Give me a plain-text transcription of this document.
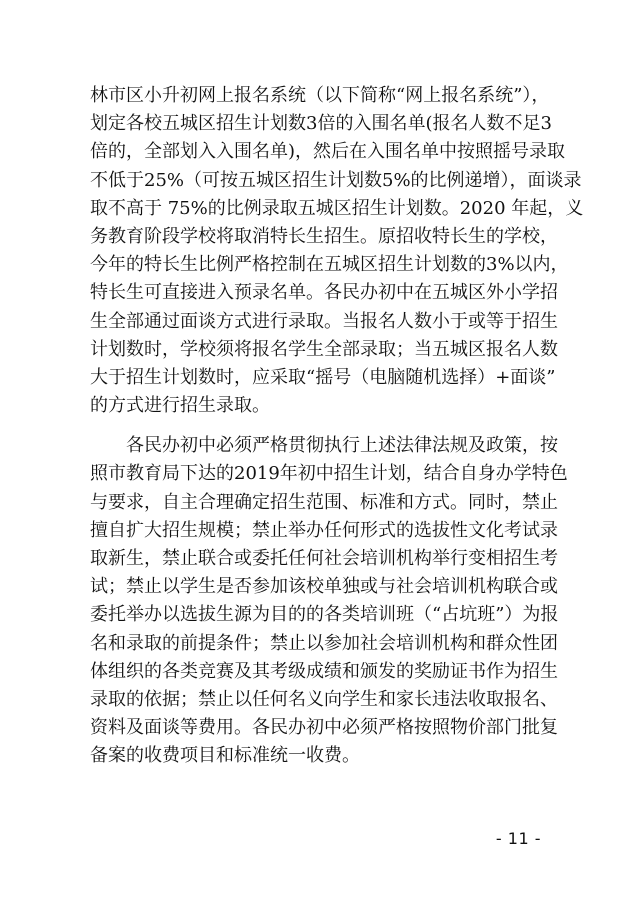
林市区小升初网上报名系统（以下简称“网上报名系统”），
划定各校五城区招生计划数3倍的入围名单(报名人数不足3
倍的，全部划入入围名单)，然后在入围名单中按照摇号录取
不低于25%（可按五城区招生计划数5%的比例递增），面谈录
取不高于 75%的比例录取五城区招生计划数。2020 年起，义
务教育阶段学校将取消特长生招生。原招收特长生的学校，
今年的特长生比例严格控制在五城区招生计划数的3%以内，
特长生可直接进入预录名单。各民办初中在五城区外小学招
生全部通过面谈方式进行录取。当报名人数小于或等于招生
计划数时，学校须将报名学生全部录取；当五城区报名人数
大于招生计划数时，应采取“摇号（电脑随机选择）+面谈”
的方式进行招生录取。
各民办初中必须严格贯彻执行上述法律法规及政策，按
照市教育局下达的2019年初中招生计划，结合自身办学特色
与要求，自主合理确定招生范围、标准和方式。同时，禁止
擅自扩大招生规模；禁止举办任何形式的选拔性文化考试录
取新生，禁止联合或委托任何社会培训机构举行变相招生考
试；禁止以学生是否参加该校单独或与社会培训机构联合或
委托举办以选拔生源为目的的各类培训班（“占坑班”）为报
名和录取的前提条件；禁止以参加社会培训机构和群众性团
体组织的各类竞赛及其考级成绩和颁发的奖励证书作为招生
录取的依据；禁止以任何名义向学生和家长违法收取报名、
资料及面谈等费用。各民办初中必须严格按照物价部门批复
备案的收费项目和标准统一收费。
- 11 -
